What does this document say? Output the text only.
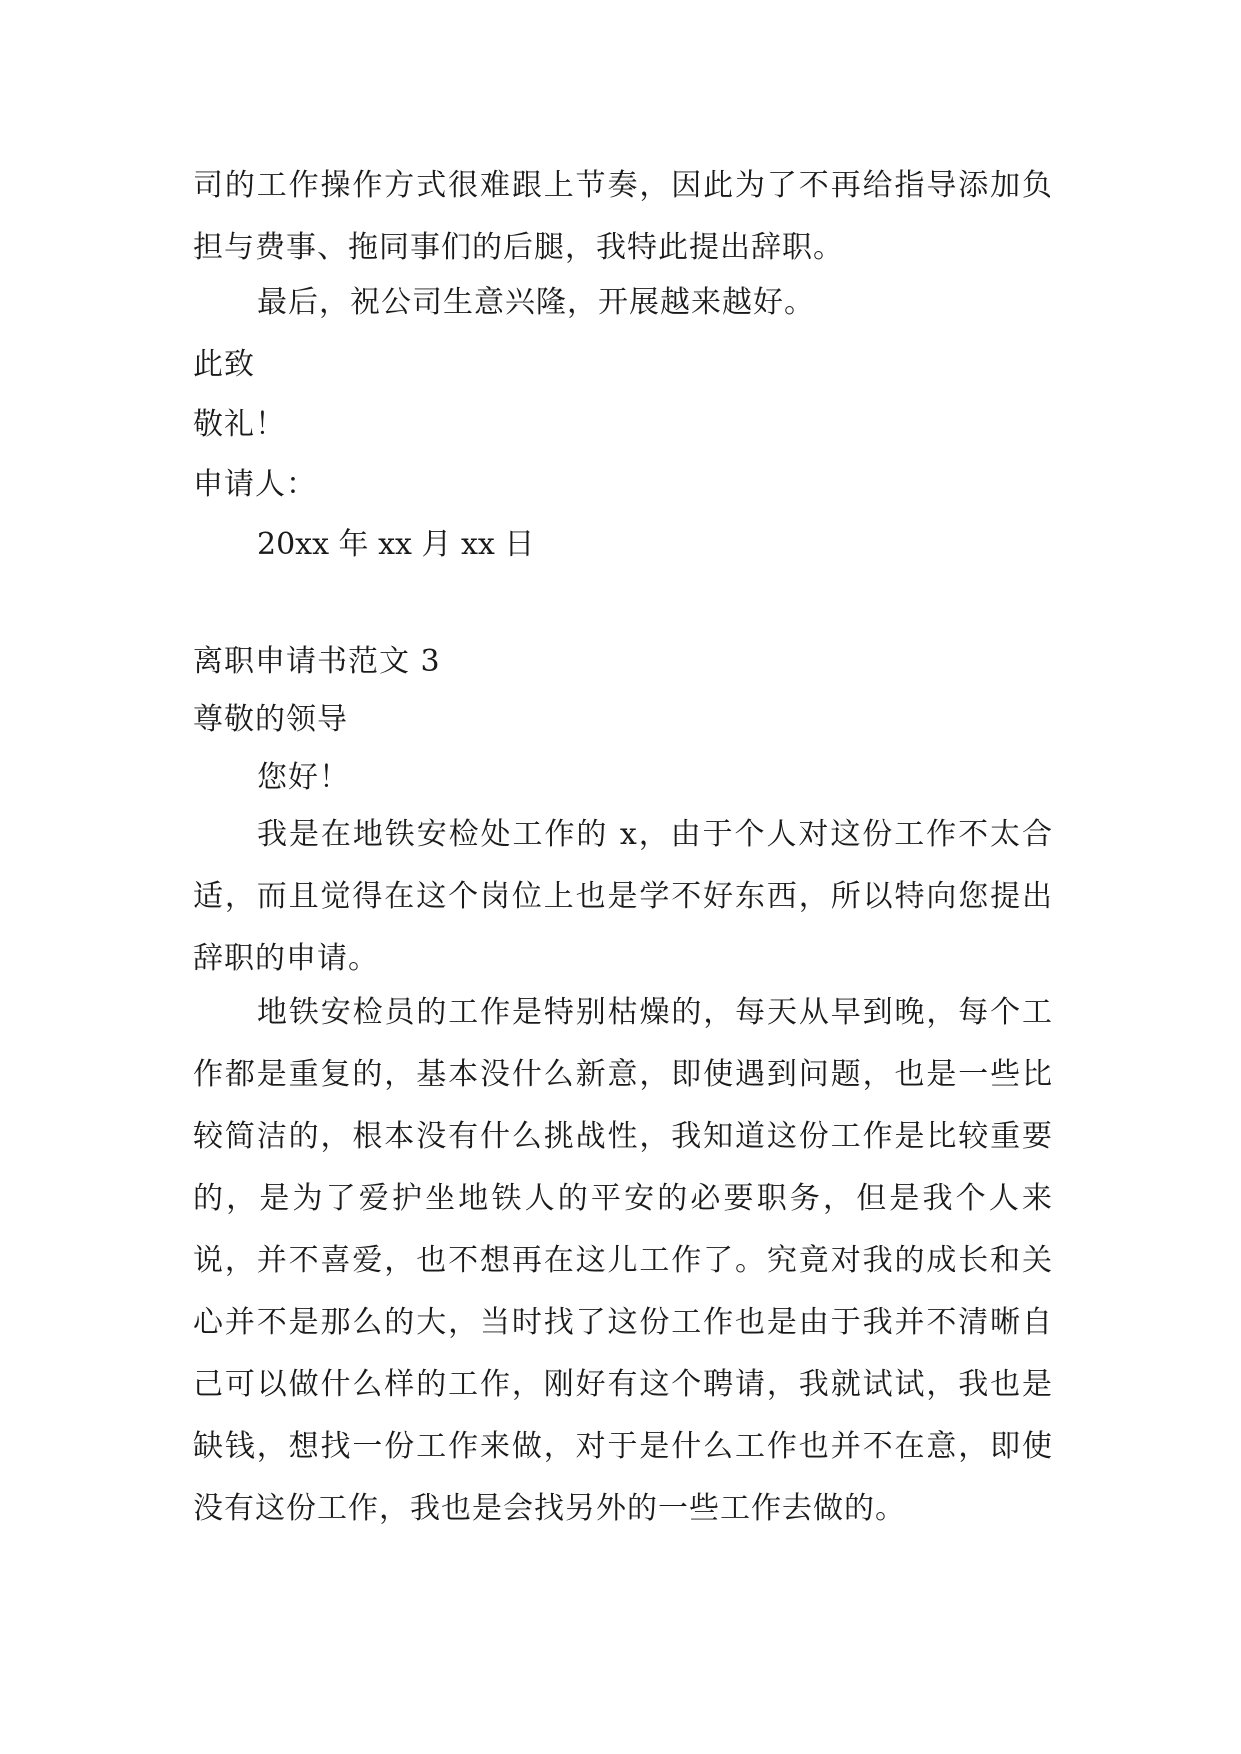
司的工作操作方式很难跟上节奏，因此为了不再给指导添加负担与费事、拖同事们的后腿，我特此提出辞职。

最后，祝公司生意兴隆，开展越来越好。

此致

敬礼！

申请人：

20xx 年 xx 月 xx 日

离职申请书范文 3

尊敬的领导

您好！

我是在地铁安检处工作的 x，由于个人对这份工作不太合适，而且觉得在这个岗位上也是学不好东西，所以特向您提出辞职的申请。

地铁安检员的工作是特别枯燥的，每天从早到晚，每个工作都是重复的，基本没什么新意，即使遇到问题，也是一些比较简洁的，根本没有什么挑战性，我知道这份工作是比较重要的，是为了爱护坐地铁人的平安的必要职务，但是我个人来说，并不喜爱，也不想再在这儿工作了。究竟对我的成长和关心并不是那么的大，当时找了这份工作也是由于我并不清晰自己可以做什么样的工作，刚好有这个聘请，我就试试，我也是缺钱，想找一份工作来做，对于是什么工作也并不在意，即使没有这份工作，我也是会找另外的一些工作去做的。
